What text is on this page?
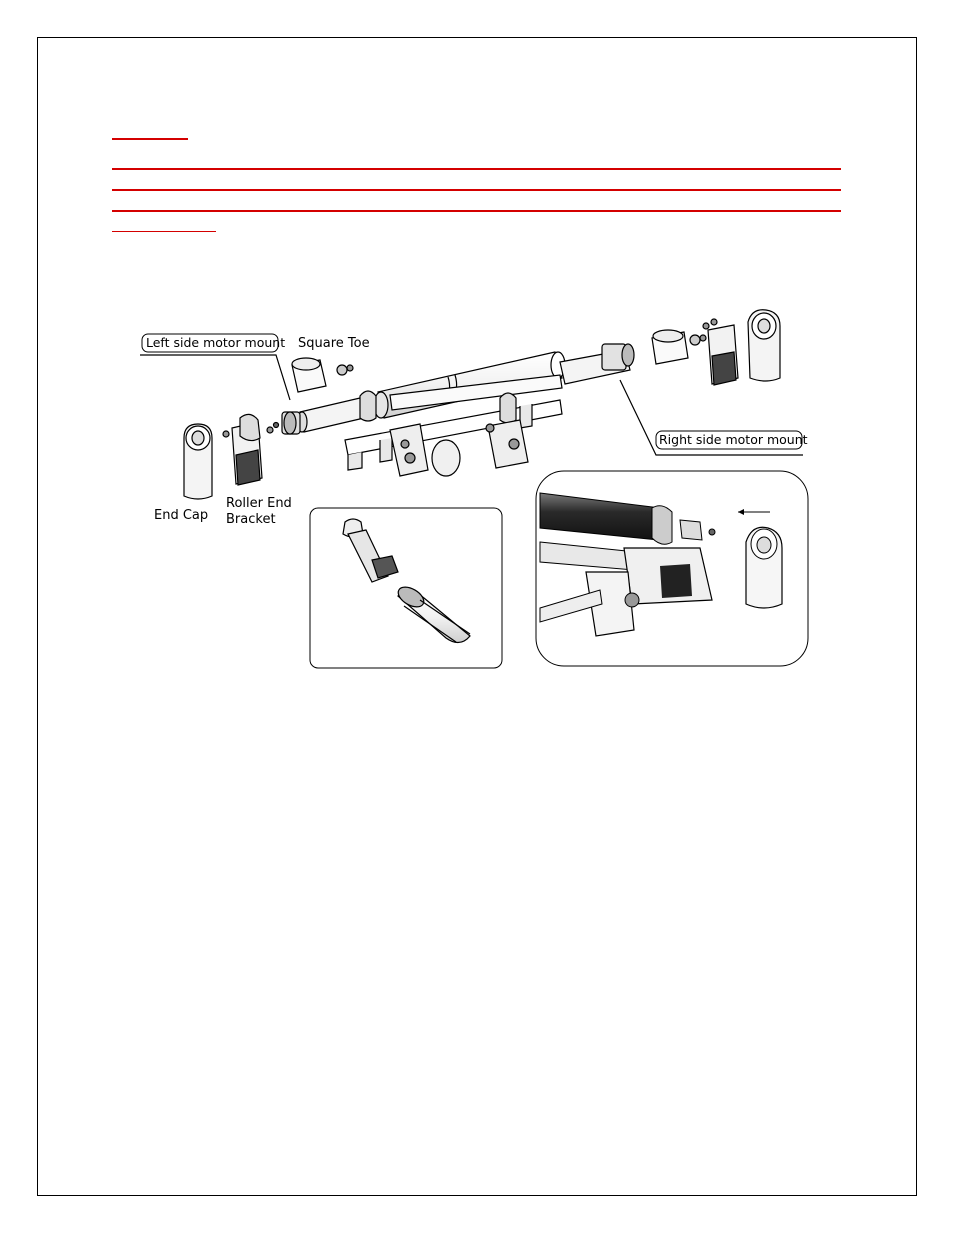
Left side motor mount
Right side motor mount
Square Toe
End Cap
Roller End
Bracket
